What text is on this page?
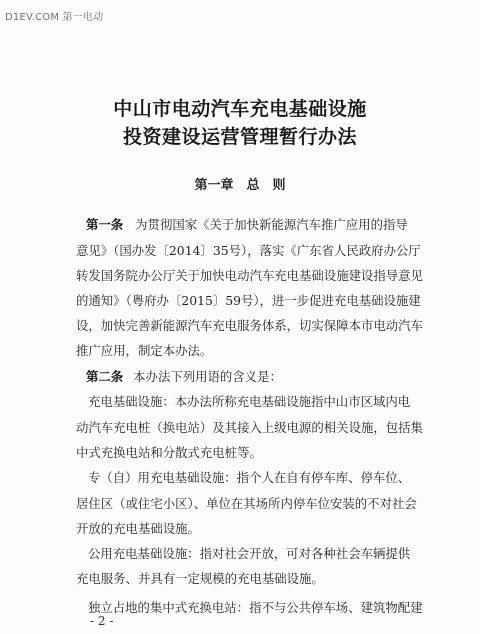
D1EV.COM 第一电动
中山市电动汽车充电基础设施
投资建设运营管理暂行办法
第一章　总　则
第一条 为贯彻国家《关于加快新能源汽车推广应用的指导
意见》（国办发〔2014〕35号），落实《广东省人民政府办公厅
转发国务院办公厅关于加快电动汽车充电基础设施建设指导意见
的通知》（粤府办〔2015〕59号），进一步促进充电基础设施建
设，加快完善新能源汽车充电服务体系，切实保障本市电动汽车
推广应用，制定本办法。
第二条 本办法下列用语的含义是：
充电基础设施：本办法所称充电基础设施指中山市区域内电
动汽车充电桩（换电站）及其接入上级电源的相关设施，包括集
中式充换电站和分散式充电桩等。
专（自）用充电基础设施：指个人在自有停车库、停车位、
居住区（或住宅小区）、单位在其场所内停车位安装的不对社会
开放的充电基础设施。
公用充电基础设施：指对社会开放，可对各种社会车辆提供
充电服务、并具有一定规模的充电基础设施。
独立占地的集中式充换电站：指不与公共停车场、建筑物配建
- 2 -
